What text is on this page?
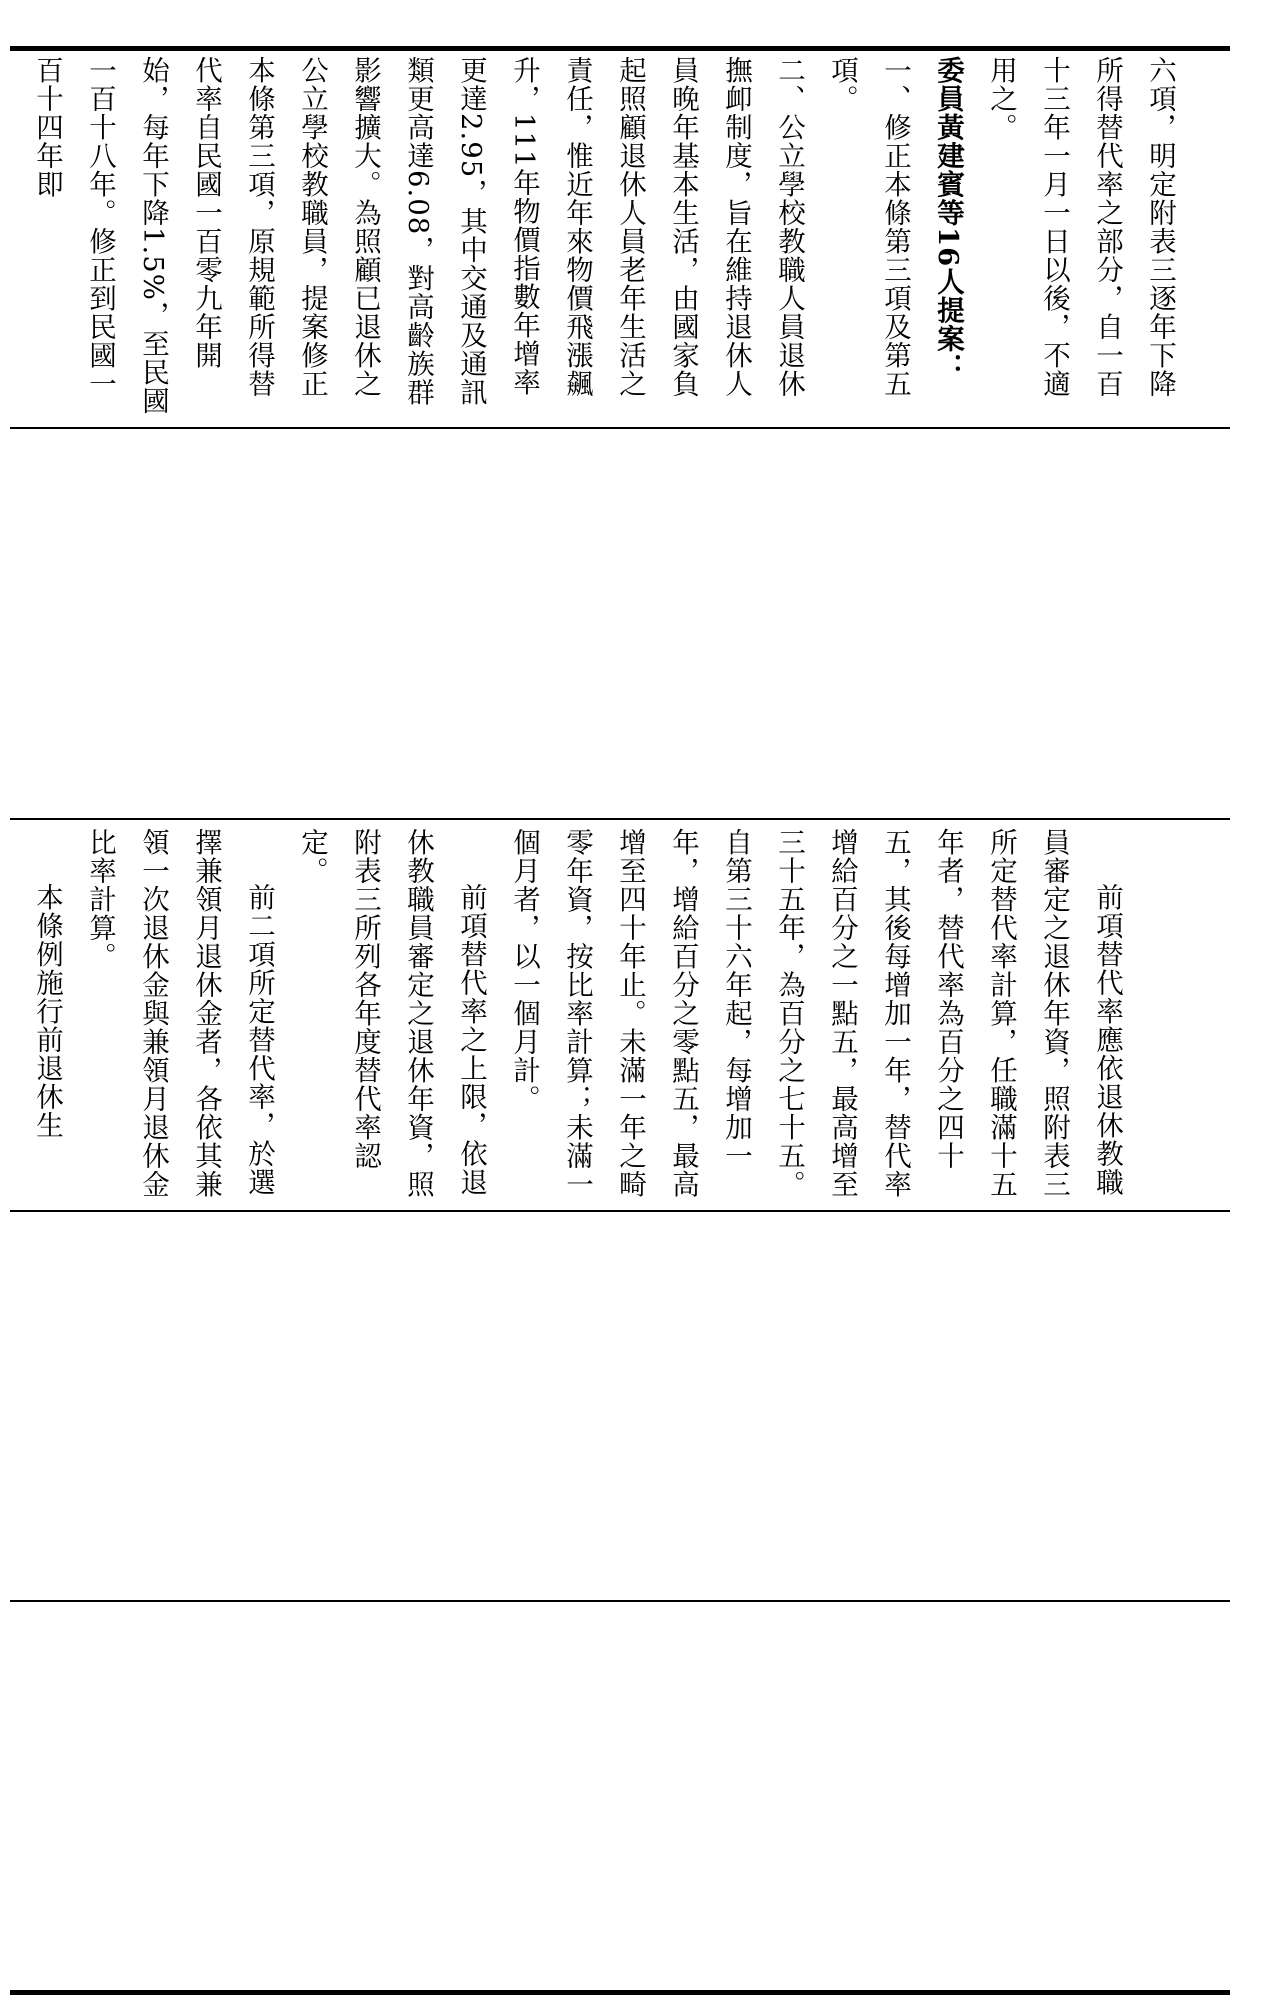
六項，明定附表三逐年下降所得替代率之部分，自一百十三年一月一日以後，不適用之。
委員黃建賓等16人提案：
一、修正本條第三項及第五項。
二、公立學校教職人員退休撫卹制度，旨在維持退休人員晚年基本生活，由國家負起照顧退休人員老年生活之責任，惟近年來物價飛漲飆升，111年物價指數年增率更達2.95，其中交通及通訊類更高達6.08，對高齡族群影響擴大。為照顧已退休之公立學校教職員，提案修正本條第三項，原規範所得替代率自民國一百零九年開始，每年下降1.5%，至民國一百十八年。修正到民國一百十四年即
前項替代率應依退休教職員審定之退休年資，照附表三所定替代率計算，任職滿十五年者，替代率為百分之四十五，其後每增加一年，替代率增給百分之一點五，最高增至三十五年，為百分之七十五。自第三十六年起，每增加一年，增給百分之零點五，最高增至四十年止。未滿一年之畸零年資，按比率計算；未滿一個月者，以一個月計。
前項替代率之上限，依退休教職員審定之退休年資，照附表三所列各年度替代率認定。
前二項所定替代率，於選擇兼領月退休金者，各依其兼領一次退休金與兼領月退休金比率計算。
本條例施行前退休生
